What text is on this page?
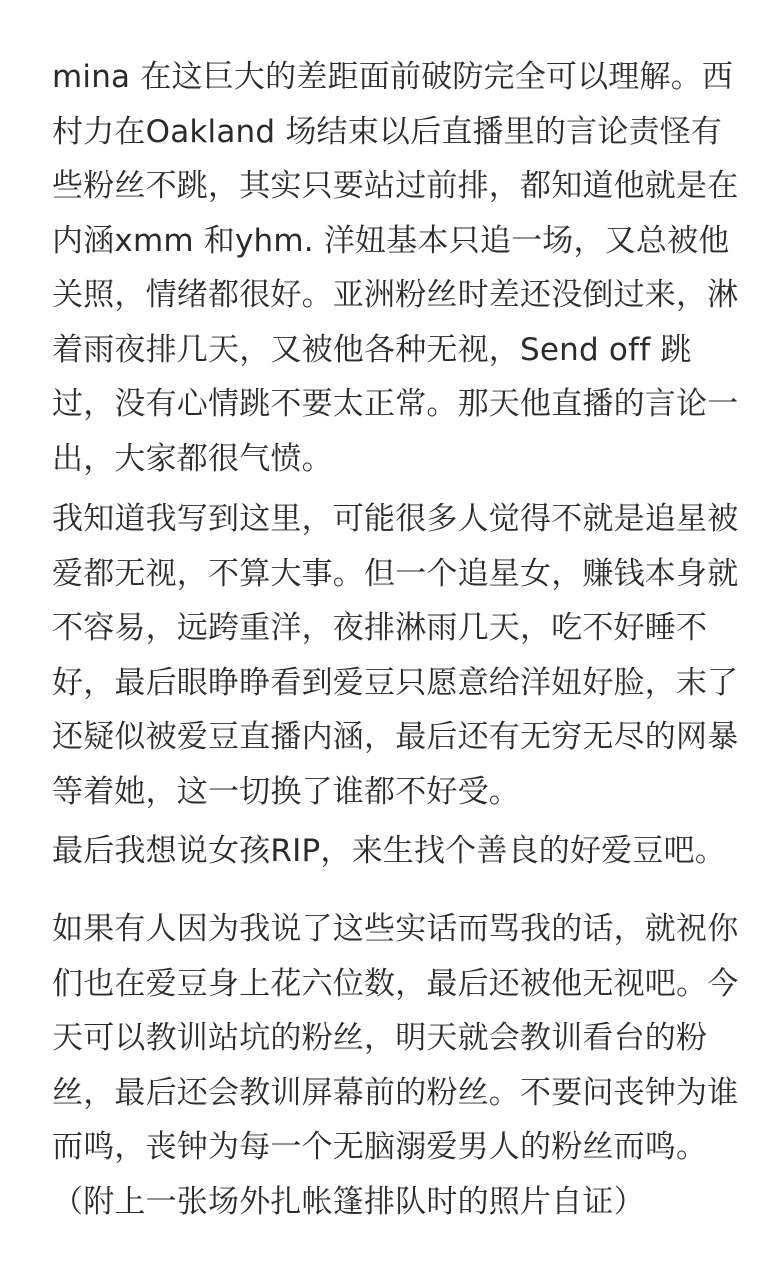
mina 在这巨大的差距面前破防完全可以理解。西
村力在Oakland 场结束以后直播里的言论责怪有
些粉丝不跳，其实只要站过前排，都知道他就是在
内涵xmm 和yhm. 洋妞基本只追一场，又总被他
关照，情绪都很好。亚洲粉丝时差还没倒过来，淋
着雨夜排几天，又被他各种无视，Send off 跳
过，没有心情跳不要太正常。那天他直播的言论一
出，大家都很气愤。
我知道我写到这里，可能很多人觉得不就是追星被
爱都无视，不算大事。但一个追星女，赚钱本身就
不容易，远跨重洋，夜排淋雨几天，吃不好睡不
好，最后眼睁睁看到爱豆只愿意给洋妞好脸，末了
还疑似被爱豆直播内涵，最后还有无穷无尽的网暴
等着她，这一切换了谁都不好受。
最后我想说女孩RIP，来生找个善良的好爱豆吧。
如果有人因为我说了这些实话而骂我的话，就祝你
们也在爱豆身上花六位数，最后还被他无视吧。今
天可以教训站坑的粉丝，明天就会教训看台的粉
丝，最后还会教训屏幕前的粉丝。不要问丧钟为谁
而鸣，丧钟为每一个无脑溺爱男人的粉丝而鸣。
（附上一张场外扎帐篷排队时的照片自证）
